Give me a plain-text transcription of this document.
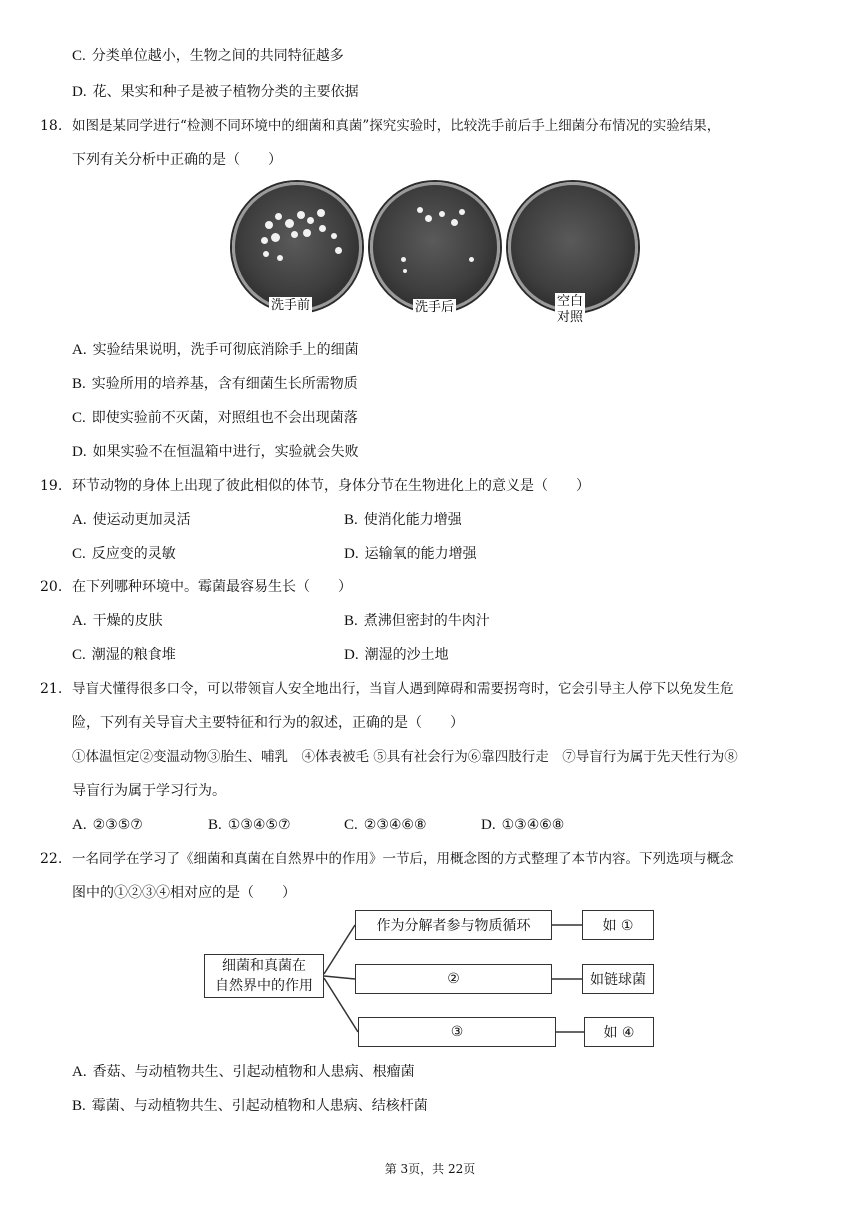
C. 分类单位越小，生物之间的共同特征越多
D. 花、果实和种子是被子植物分类的主要依据
18. 如图是某同学进行“检测不同环境中的细菌和真菌”探究实验时，比较洗手前后手上细菌分布情况的实验结果，
下列有关分析中正确的是（　　）
洗手前	洗手后	空白
对照
A. 实验结果说明，洗手可彻底消除手上的细菌
B. 实验所用的培养基，含有细菌生长所需物质
C. 即使实验前不灭菌，对照组也不会出现菌落
D. 如果实验不在恒温箱中进行，实验就会失败
19. 环节动物的身体上出现了彼此相似的体节，身体分节在生物进化上的意义是（　　）
A. 使运动更加灵活	B. 使消化能力增强
C. 反应变的灵敏	D. 运输氧的能力增强
20. 在下列哪种环境中。霉菌最容易生长（　　）
A. 干燥的皮肤	B. 煮沸但密封的牛肉汁
C. 潮湿的粮食堆	D. 潮湿的沙土地
21. 导盲犬懂得很多口令，可以带领盲人安全地出行，当盲人遇到障碍和需要拐弯时，它会引导主人停下以免发生危
险，下列有关导盲犬主要特征和行为的叙述，正确的是（　　）
①体温恒定②变温动物③胎生、哺乳　④体表被毛 ⑤具有社会行为⑥靠四肢行走　⑦导盲行为属于先天性行为⑧
导盲行为属于学习行为。
A. ②③⑤⑦	B. ①③④⑤⑦	C. ②③④⑥⑧	D. ①③④⑥⑧
22. 一名同学在学习了《细菌和真菌在自然界中的作用》一节后，用概念图的方式整理了本节内容。下列选项与概念
图中的①②③④相对应的是（　　）
细菌和真菌在
自然界中的作用
作为分解者参与物质循环
②
③
如 ①
如链球菌
如 ④
A. 香菇、与动植物共生、引起动植物和人患病、根瘤菌
B. 霉菌、与动植物共生、引起动植物和人患病、结核杆菌
第 3页，共 22页
